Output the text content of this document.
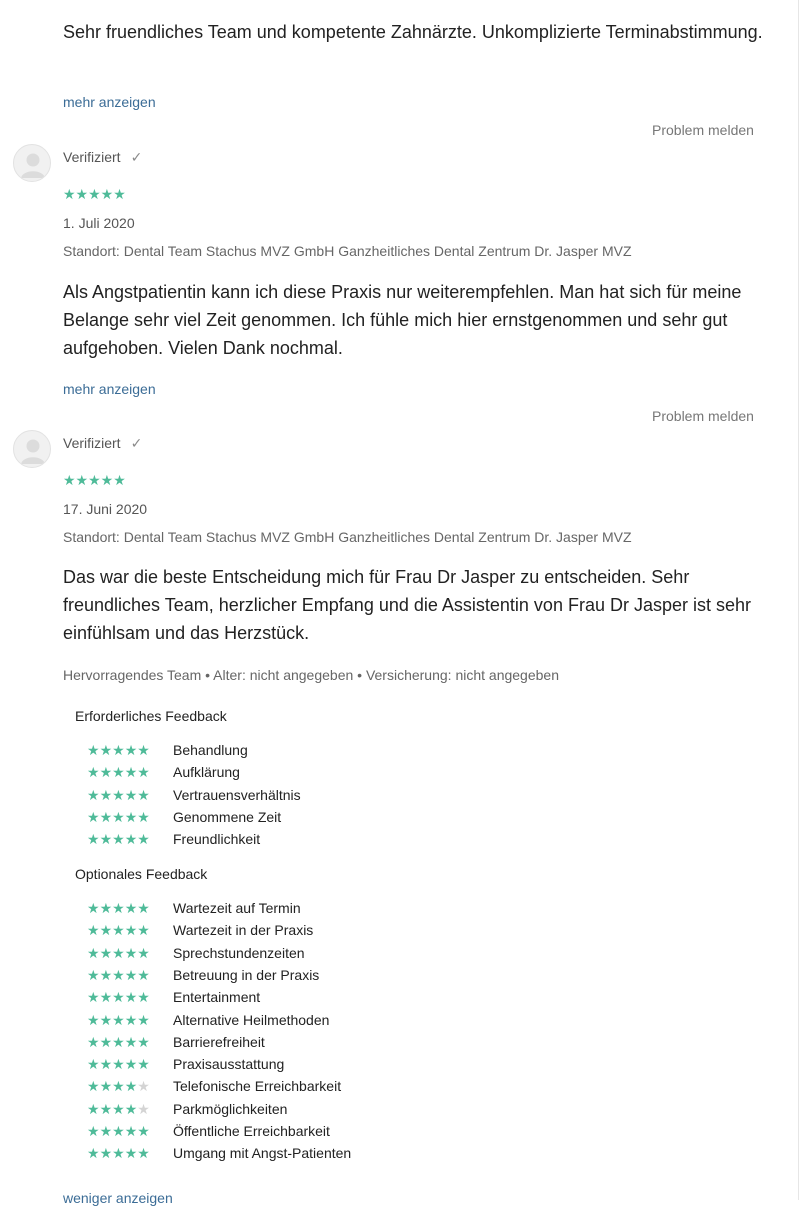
Sehr fruendliches Team und kompetente Zahnärzte. Unkomplizierte Terminabstimmung.
mehr anzeigen
Problem melden
Verifiziert ✓
★★★★★
1. Juli 2020
Standort: Dental Team Stachus MVZ GmbH Ganzheitliches Dental Zentrum Dr. Jasper MVZ
Als Angstpatientin kann ich diese Praxis nur weiterempfehlen. Man hat sich für meine Belange sehr viel Zeit genommen. Ich fühle mich hier ernstgenommen und sehr gut aufgehoben. Vielen Dank nochmal.
mehr anzeigen
Problem melden
Verifiziert ✓
★★★★★
17. Juni 2020
Standort: Dental Team Stachus MVZ GmbH Ganzheitliches Dental Zentrum Dr. Jasper MVZ
Das war die beste Entscheidung mich für Frau Dr Jasper zu entscheiden. Sehr freundliches Team, herzlicher Empfang und die Assistentin von Frau Dr Jasper ist sehr einfühlsam und das Herzstück.
Hervorragendes Team • Alter: nicht angegeben • Versicherung: nicht angegeben
Erforderliches Feedback
★★★★★ Behandlung
★★★★★ Aufklärung
★★★★★ Vertrauensverhältnis
★★★★★ Genommene Zeit
★★★★★ Freundlichkeit
Optionales Feedback
★★★★★ Wartezeit auf Termin
★★★★★ Wartezeit in der Praxis
★★★★★ Sprechstundenzeiten
★★★★★ Betreuung in der Praxis
★★★★★ Entertainment
★★★★★ Alternative Heilmethoden
★★★★★ Barrierefreiheit
★★★★★ Praxisausstattung
★★★★★ Telefonische Erreichbarkeit
★★★★★ Parkmöglichkeiten
★★★★★ Öffentliche Erreichbarkeit
★★★★★ Umgang mit Angst-Patienten
weniger anzeigen
